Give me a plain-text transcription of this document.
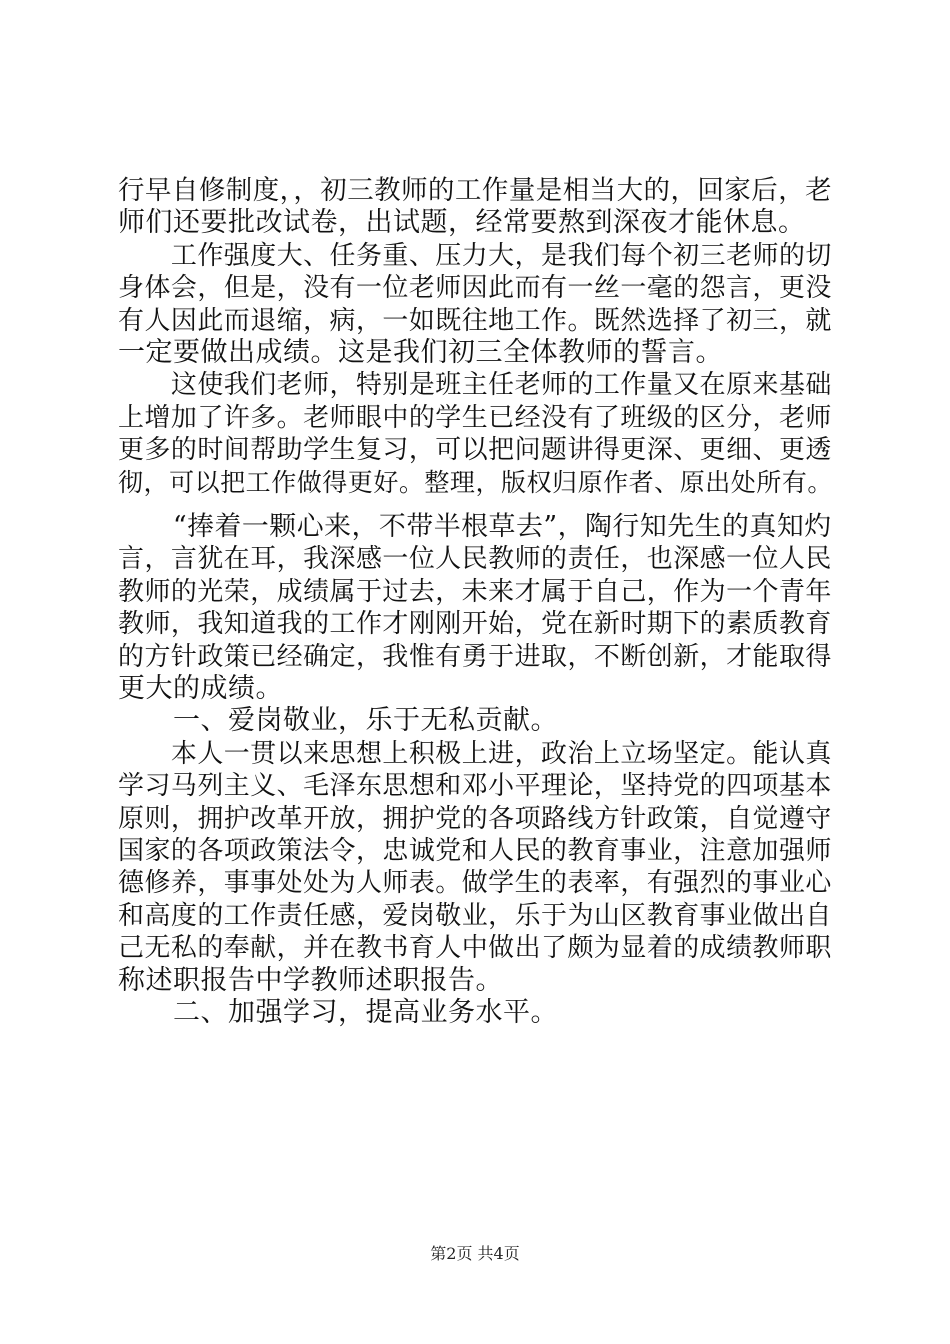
行早自修制度，，初三教师的工作量是相当大的，回家后，老
师们还要批改试卷，出试题，经常要熬到深夜才能休息。
　　工作强度大、任务重、压力大，是我们每个初三老师的切
身体会，但是，没有一位老师因此而有一丝一毫的怨言，更没
有人因此而退缩，病，一如既往地工作。既然选择了初三，就
一定要做出成绩。这是我们初三全体教师的誓言。
　　这使我们老师，特别是班主任老师的工作量又在原来基础
上增加了许多。老师眼中的学生已经没有了班级的区分，老师
更多的时间帮助学生复习，可以把问题讲得更深、更细、更透
彻，可以把工作做得更好。整理，版权归原作者、原出处所有。
　　“捧着一颗心来，不带半根草去”，陶行知先生的真知灼
言，言犹在耳，我深感一位人民教师的责任，也深感一位人民
教师的光荣，成绩属于过去，未来才属于自己，作为一个青年
教师，我知道我的工作才刚刚开始，党在新时期下的素质教育
的方针政策已经确定，我惟有勇于进取，不断创新，才能取得
更大的成绩。
　　一、爱岗敬业，乐于无私贡献。
　　本人一贯以来思想上积极上进，政治上立场坚定。能认真
学习马列主义、毛泽东思想和邓小平理论，坚持党的四项基本
原则，拥护改革开放，拥护党的各项路线方针政策，自觉遵守
国家的各项政策法令，忠诚党和人民的教育事业，注意加强师
德修养，事事处处为人师表。做学生的表率，有强烈的事业心
和高度的工作责任感，爱岗敬业，乐于为山区教育事业做出自
己无私的奉献，并在教书育人中做出了颇为显着的成绩教师职
称述职报告中学教师述职报告。
　　二、加强学习，提高业务水平。
第2页 共4页
